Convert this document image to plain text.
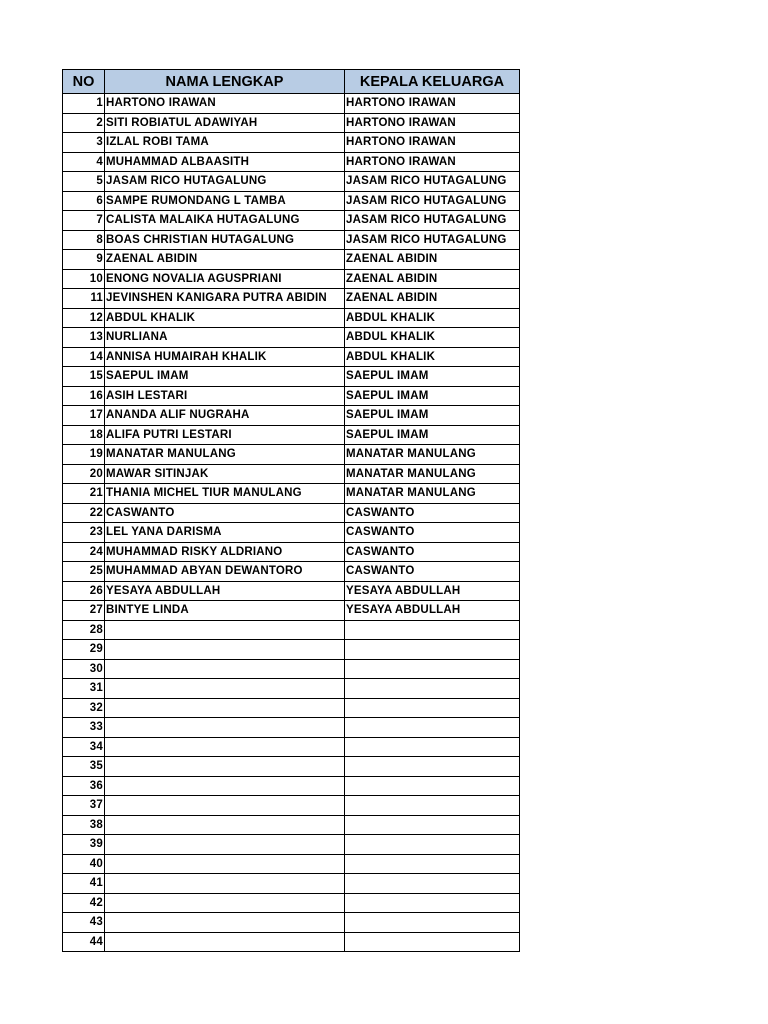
NO	NAMA LENGKAP	KEPALA KELUARGA
1	HARTONO IRAWAN	HARTONO IRAWAN
2	SITI ROBIATUL ADAWIYAH	HARTONO IRAWAN
3	IZLAL ROBI TAMA	HARTONO IRAWAN
4	MUHAMMAD ALBAASITH	HARTONO IRAWAN
5	JASAM RICO HUTAGALUNG	JASAM RICO HUTAGALUNG
6	SAMPE RUMONDANG L TAMBA	JASAM RICO HUTAGALUNG
7	CALISTA MALAIKA HUTAGALUNG	JASAM RICO HUTAGALUNG
8	BOAS CHRISTIAN HUTAGALUNG	JASAM RICO HUTAGALUNG
9	ZAENAL ABIDIN	ZAENAL ABIDIN
10	ENONG NOVALIA AGUSPRIANI	ZAENAL ABIDIN
11	JEVINSHEN KANIGARA PUTRA ABIDIN	ZAENAL ABIDIN
12	ABDUL KHALIK	ABDUL KHALIK
13	NURLIANA	ABDUL KHALIK
14	ANNISA HUMAIRAH KHALIK	ABDUL KHALIK
15	SAEPUL IMAM	SAEPUL IMAM
16	ASIH LESTARI	SAEPUL IMAM
17	ANANDA ALIF NUGRAHA	SAEPUL IMAM
18	ALIFA PUTRI LESTARI	SAEPUL IMAM
19	MANATAR MANULANG	MANATAR MANULANG
20	MAWAR SITINJAK	MANATAR MANULANG
21	THANIA MICHEL TIUR MANULANG	MANATAR MANULANG
22	CASWANTO	CASWANTO
23	LEL YANA DARISMA	CASWANTO
24	MUHAMMAD RISKY ALDRIANO	CASWANTO
25	MUHAMMAD ABYAN DEWANTORO	CASWANTO
26	YESAYA ABDULLAH	YESAYA ABDULLAH
27	BINTYE LINDA	YESAYA ABDULLAH
28		
29		
30		
31		
32		
33		
34		
35		
36		
37		
38		
39		
40		
41		
42		
43		
44		
